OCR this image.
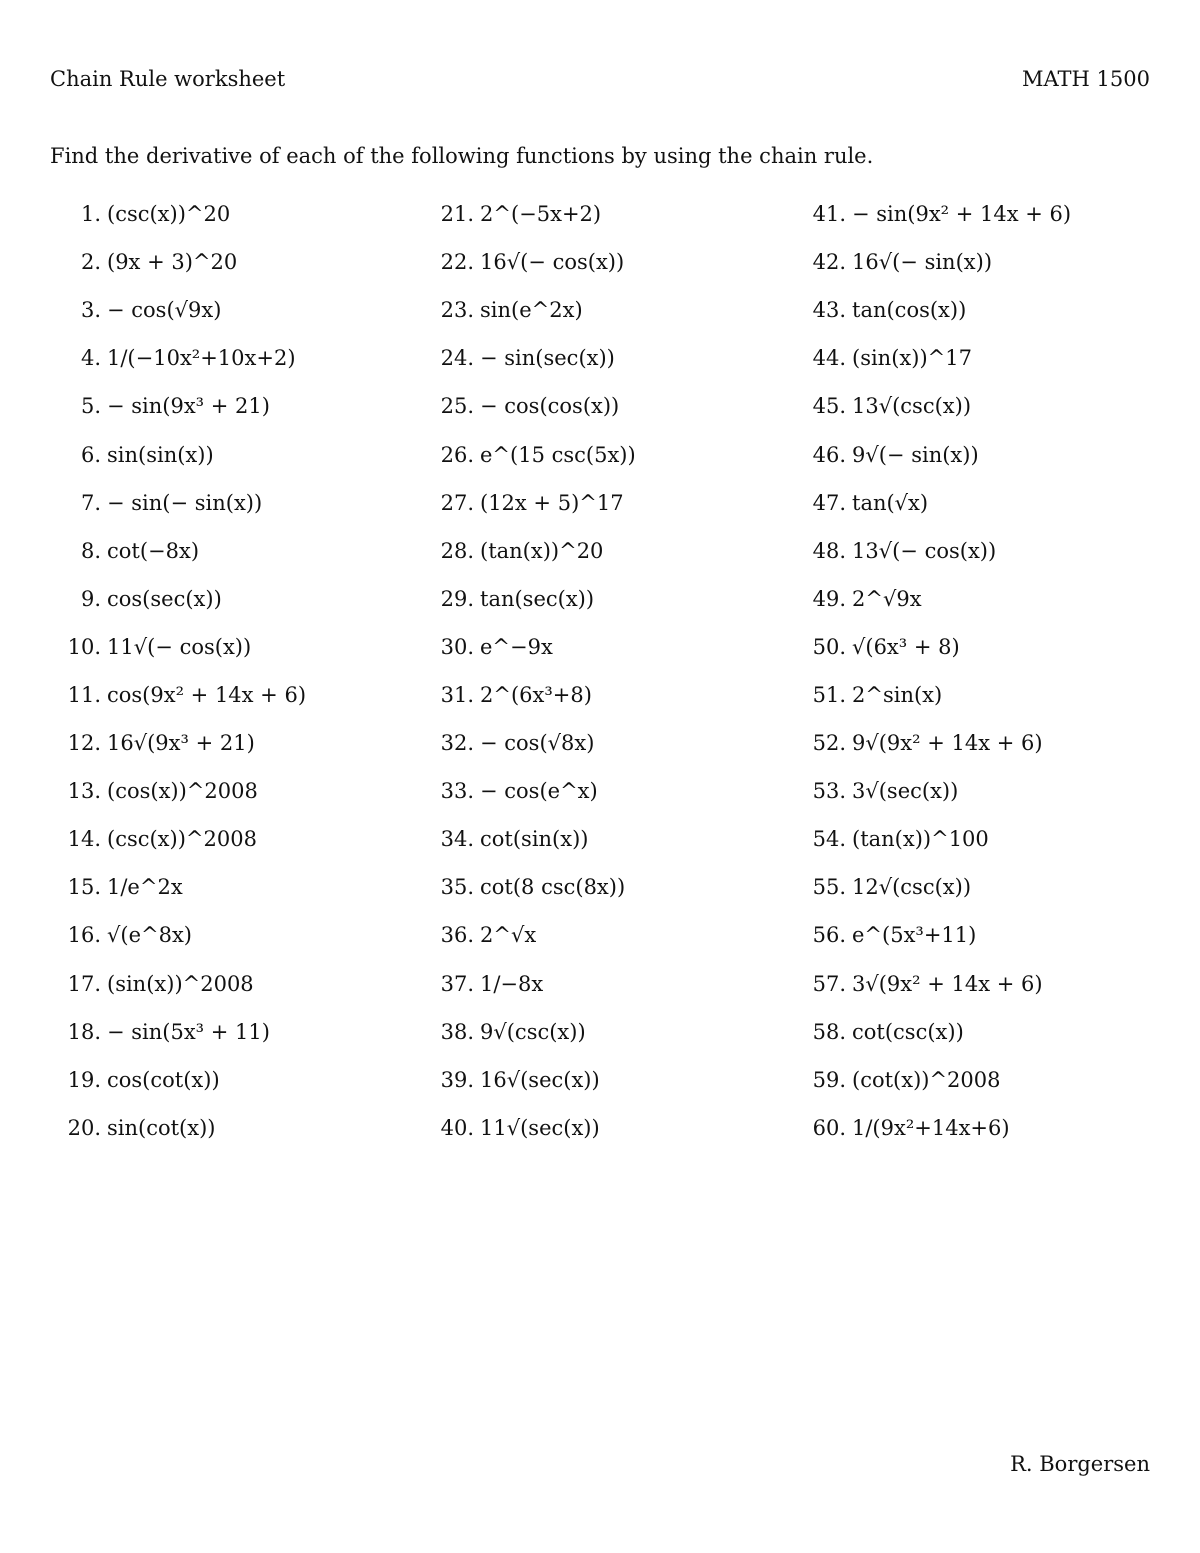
Chain Rule worksheet	MATH 1500
Find the derivative of each of the following functions by using the chain rule.
1. (csc(x))^20
2. (9x + 3)^20
3. − cos(√9x)
4. 1/(−10x²+10x+2)
5. − sin(9x³ + 21)
6. sin(sin(x))
7. − sin(− sin(x))
8. cot(−8x)
9. cos(sec(x))
10. 11√(− cos(x))
11. cos(9x² + 14x + 6)
12. 16√(9x³ + 21)
13. (cos(x))^2008
14. (csc(x))^2008
15. 1/e^2x
16. √(e^8x)
17. (sin(x))^2008
18. − sin(5x³ + 11)
19. cos(cot(x))
20. sin(cot(x))
21. 2^(−5x+2)
22. 16√(− cos(x))
23. sin(e^2x)
24. − sin(sec(x))
25. − cos(cos(x))
26. e^(15 csc(5x))
27. (12x + 5)^17
28. (tan(x))^20
29. tan(sec(x))
30. e^−9x
31. 2^(6x³+8)
32. − cos(√8x)
33. − cos(e^x)
34. cot(sin(x))
35. cot(8 csc(8x))
36. 2^√x
37. 1/−8x
38. 9√(csc(x))
39. 16√(sec(x))
40. 11√(sec(x))
41. − sin(9x² + 14x + 6)
42. 16√(− sin(x))
43. tan(cos(x))
44. (sin(x))^17
45. 13√(csc(x))
46. 9√(− sin(x))
47. tan(√x)
48. 13√(− cos(x))
49. 2^√9x
50. √(6x³ + 8)
51. 2^sin(x)
52. 9√(9x² + 14x + 6)
53. 3√(sec(x))
54. (tan(x))^100
55. 12√(csc(x))
56. e^(5x³+11)
57. 3√(9x² + 14x + 6)
58. cot(csc(x))
59. (cot(x))^2008
60. 1/(9x²+14x+6)
R. Borgersen
